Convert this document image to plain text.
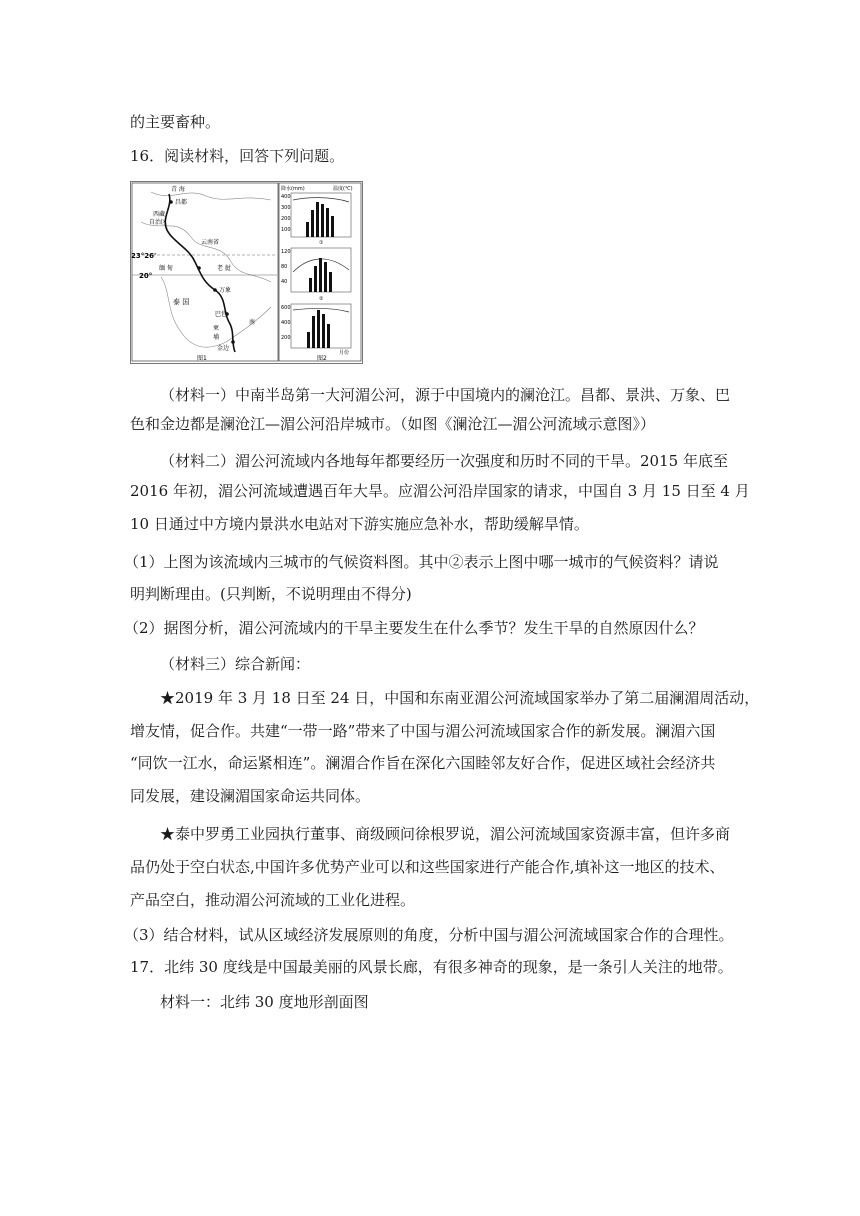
的主要畜种。
16．阅读材料，回答下列问题。
青 海
昌都
西藏
自治区
云南省
23°26'
20°
缅 甸	老 挝
万象
泰 国
巴色
柬
埔
南
金边
图1
降水(mm)	温度(℃)
400
300
200
100
①
120
80
40
②
600
400
200
月份
图2
（材料一）中南半岛第一大河湄公河，源于中国境内的澜沧江。昌都、景洪、万象、巴
色和金边都是澜沧江—湄公河沿岸城市。（如图《澜沧江—湄公河流域示意图》）
（材料二）湄公河流域内各地每年都要经历一次强度和历时不同的干旱。2015 年底至
2016 年初，湄公河流域遭遇百年大旱。应湄公河沿岸国家的请求，中国自 3 月 15 日至 4 月
10 日通过中方境内景洪水电站对下游实施应急补水，帮助缓解旱情。
（1）上图为该流域内三城市的气候资料图。其中②表示上图中哪一城市的气候资料？请说
明判断理由。(只判断，不说明理由不得分)
（2）据图分析，湄公河流域内的干旱主要发生在什么季节？发生干旱的自然原因什么？
（材料三）综合新闻：
★2019 年 3 月 18 日至 24 日，中国和东南亚湄公河流域国家举办了第二届澜湄周活动，
增友情，促合作。共建“一带一路”带来了中国与湄公河流域国家合作的新发展。澜湄六国
“同饮一江水，命运紧相连”。澜湄合作旨在深化六国睦邻友好合作，促进区域社会经济共
同发展，建设澜湄国家命运共同体。
★泰中罗勇工业园执行董事、商级顾问徐根罗说，湄公河流域国家资源丰富，但许多商
品仍处于空白状态,中国许多优势产业可以和这些国家进行产能合作,填补这一地区的技术、
产品空白，推动湄公河流域的工业化进程。
（3）结合材料，试从区域经济发展原则的角度，分析中国与湄公河流域国家合作的合理性。
17．北纬 30 度线是中国最美丽的风景长廊，有很多神奇的现象，是一条引人关注的地带。
材料一：北纬 30 度地形剖面图
